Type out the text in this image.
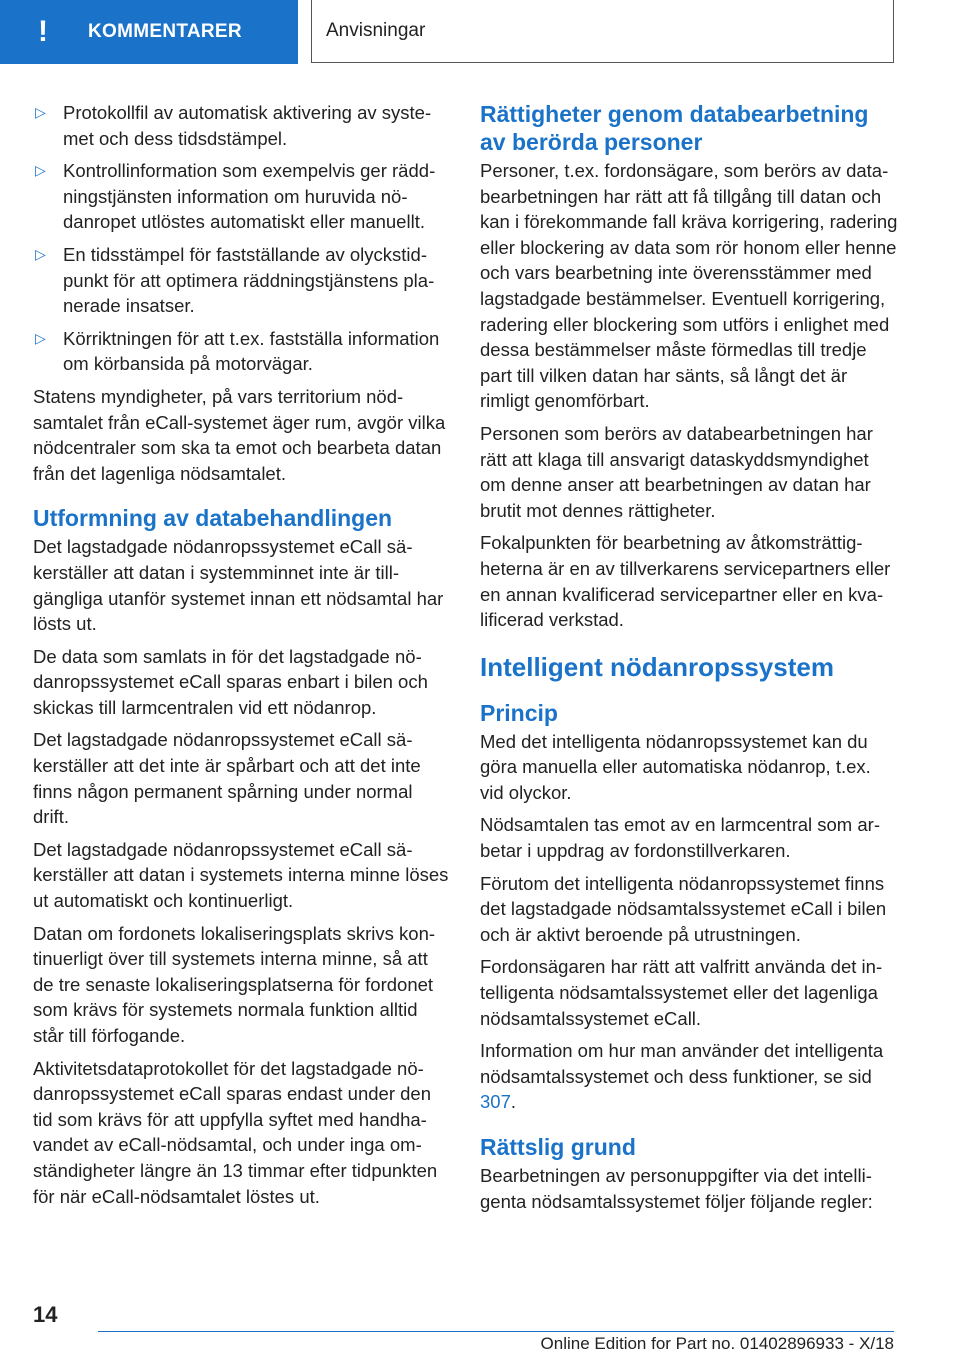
!	KOMMENTARER	Anvisningar
▷ Protokollfil av automatisk aktivering av systemet och dess tidsdstämpel.
▷ Kontrollinformation som exempelvis ger räddningstjänsten information om huruvida nödanropet utlöstes automatiskt eller manuellt.
▷ En tidsstämpel för fastställande av olyckstidpunkt för att optimera räddningstjänstens planerade insatser.
▷ Körriktningen för att t.ex. fastställa information om körbansida på motorvägar.

Statens myndigheter, på vars territorium nödsamtalet från eCall-systemet äger rum, avgör vilka nödcentraler som ska ta emot och bearbeta datan från det lagenliga nödsamtalet.

Utformning av databehandlingen

Det lagstadgade nödanropssystemet eCall säkerställer att datan i systemminnet inte är tillgängliga utanför systemet innan ett nödsamtal har lösts ut.

De data som samlats in för det lagstadgade nödanropssystemet eCall sparas enbart i bilen och skickas till larmcentralen vid ett nödanrop.

Det lagstadgade nödanropssystemet eCall säkerställer att det inte är spårbart och att det inte finns någon permanent spårning under normal drift.

Det lagstadgade nödanropssystemet eCall säkerställer att datan i systemets interna minne löses ut automatiskt och kontinuerligt.

Datan om fordonets lokaliseringsplats skrivs kontinuerligt över till systemets interna minne, så att de tre senaste lokaliseringsplatserna för fordonet som krävs för systemets normala funktion alltid står till förfogande.

Aktivitetsdataprotokollet för det lagstadgade nödanropssystemet eCall sparas endast under den tid som krävs för att uppfylla syftet med handhavandet av eCall-nödsamtal, och under inga omständigheter längre än 13 timmar efter tidpunkten för när eCall-nödsamtalet löstes ut.

Rättigheter genom databearbetning av berörda personer

Personer, t.ex. fordonsägare, som berörs av databearbetningen har rätt att få tillgång till datan och kan i förekommande fall kräva korrigering, radering eller blockering av data som rör honom eller henne och vars bearbetning inte överensstämmer med lagstadgade bestämmelser. Eventuell korrigering, radering eller blockering som utförs i enlighet med dessa bestämmelser måste förmedlas till tredje part till vilken datan har sänts, så långt det är rimligt genomförbart.

Personen som berörs av databearbetningen har rätt att klaga till ansvarigt dataskyddsmyndighet om denne anser att bearbetningen av datan har brutit mot dennes rättigheter.

Fokalpunkten för bearbetning av åtkomsträttigheterna är en av tillverkarens servicepartners eller en annan kvalificerad servicepartner eller en kvalificerad verkstad.

Intelligent nödanropssystem
Princip

Med det intelligenta nödanropssystemet kan du göra manuella eller automatiska nödanrop, t.ex. vid olyckor.

Nödsamtalen tas emot av en larmcentral som arbetar i uppdrag av fordonstillverkaren.

Förutom det intelligenta nödanropssystemet finns det lagstadgade nödsamtalssystemet eCall i bilen och är aktivt beroende på utrustningen.

Fordonsägaren har rätt att valfritt använda det intelligenta nödsamtalssystemet eller det lagenliga nödsamtalssystemet eCall.

Information om hur man använder det intelligenta nödsamtalssystemet och dess funktioner, se sid 307.

Rättslig grund

Bearbetningen av personuppgifter via det intelligenta nödsamtalssystemet följer följande regler:

14
Online Edition for Part no. 01402896933 - X/18
